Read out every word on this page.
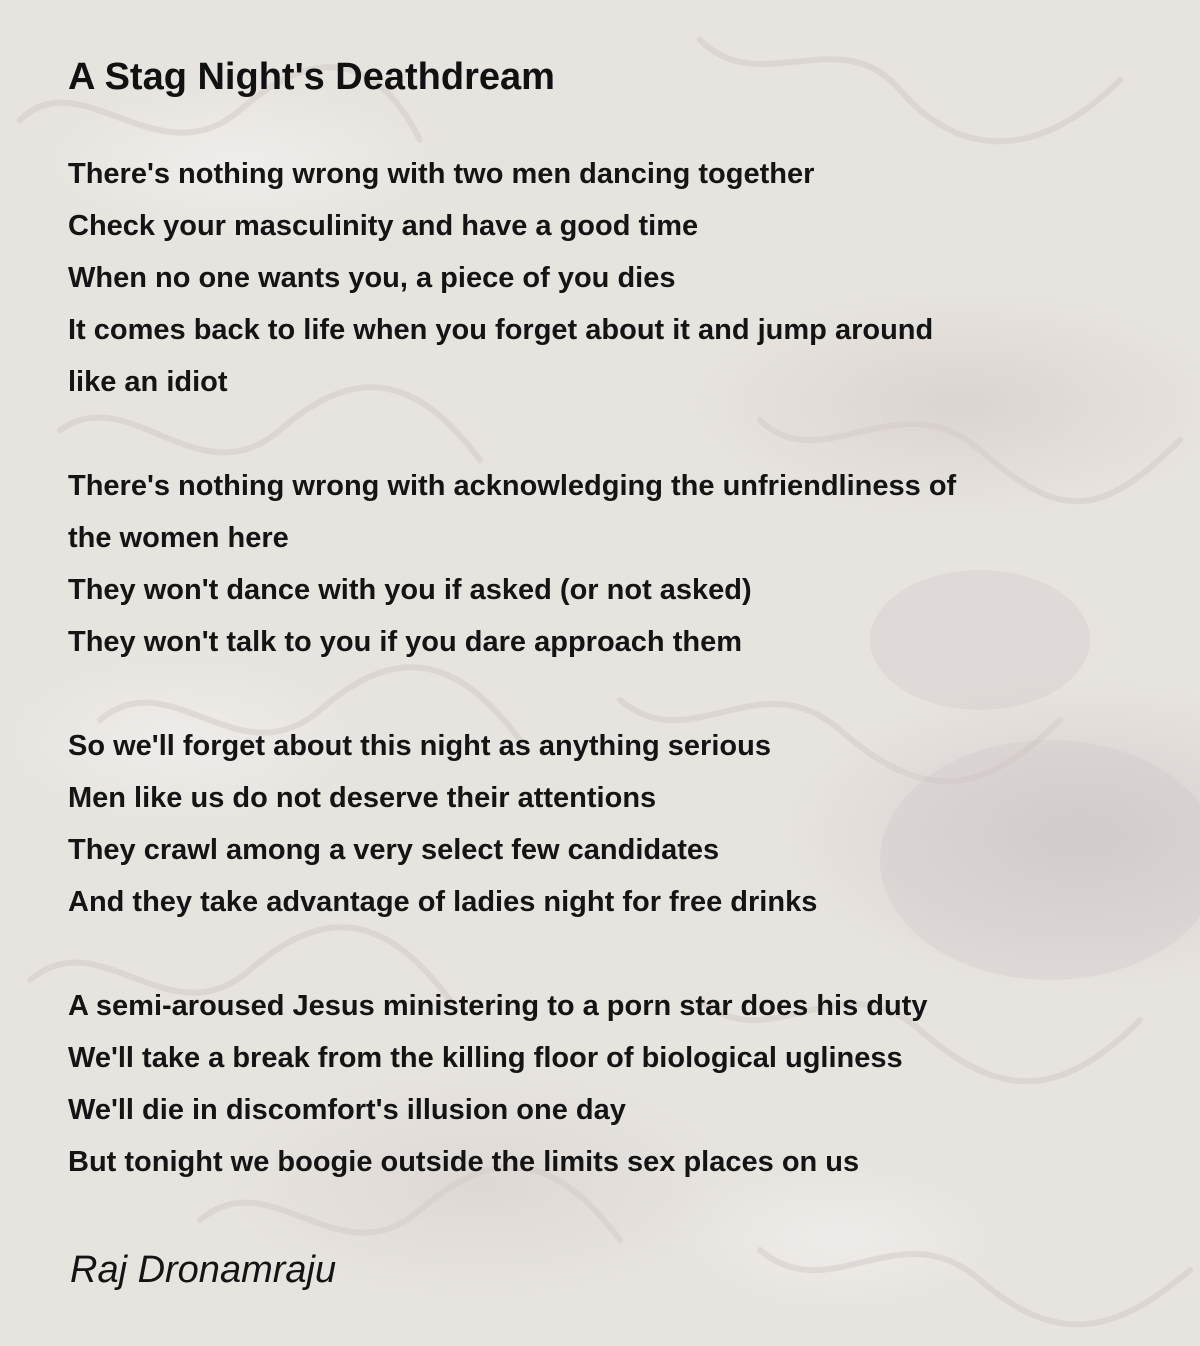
A Stag Night's Deathdream
There's nothing wrong with two men dancing together
Check your masculinity and have a good time
When no one wants you, a piece of you dies
It comes back to life when you forget about it and jump around
like an idiot
There's nothing wrong with acknowledging the unfriendliness of
the women here
They won't dance with you if asked (or not asked)
They won't talk to you if you dare approach them
So we'll forget about this night as anything serious
Men like us do not deserve their attentions
They crawl among a very select few candidates
And they take advantage of ladies night for free drinks
A semi-aroused Jesus ministering to a porn star does his duty
We'll take a break from the killing floor of biological ugliness
We'll die in discomfort's illusion one day
But tonight we boogie outside the limits sex places on us
Raj Dronamraju
